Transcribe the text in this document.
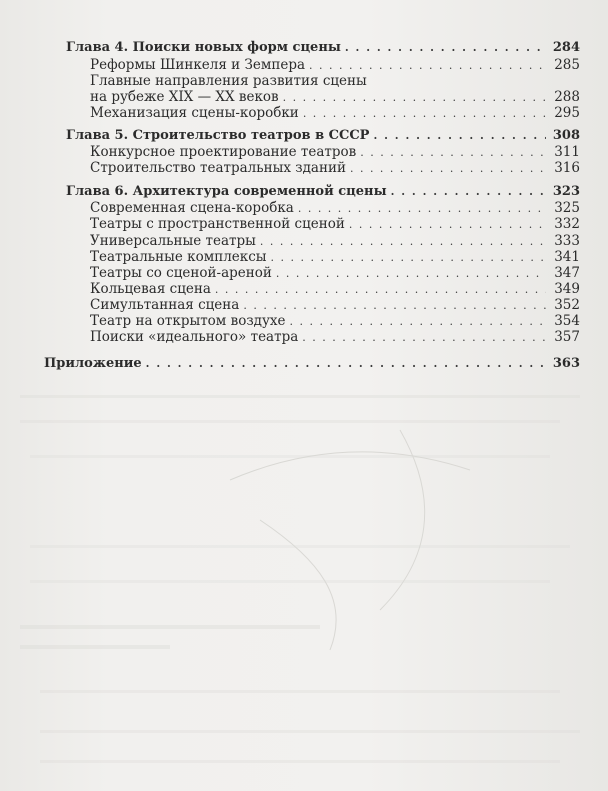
Глава 4. Поиски новых форм сцены . . .	284
Реформы Шинкеля и Земпера . . .	285
Главные направления развития сцены
на рубеже XIX — XX веков . . .	288
Механизация сцены-коробки . . .	295
Глава 5. Строительство театров в СССР . . .	308
Конкурсное проектирование театров . . .	311
Строительство театральных зданий . . .	316
Глава 6. Архитектура современной сцены . . .	323
Современная сцена-коробка . . .	325
Театры с пространственной сценой . . .	332
Универсальные театры . . .	333
Театральные комплексы . . .	341
Театры со сценой-ареной . . .	347
Кольцевая сцена . . .	349
Симультанная сцена . . .	352
Театр на открытом воздухе . . .	354
Поиски «идеального» театра . . .	357
Приложение . . .	363
